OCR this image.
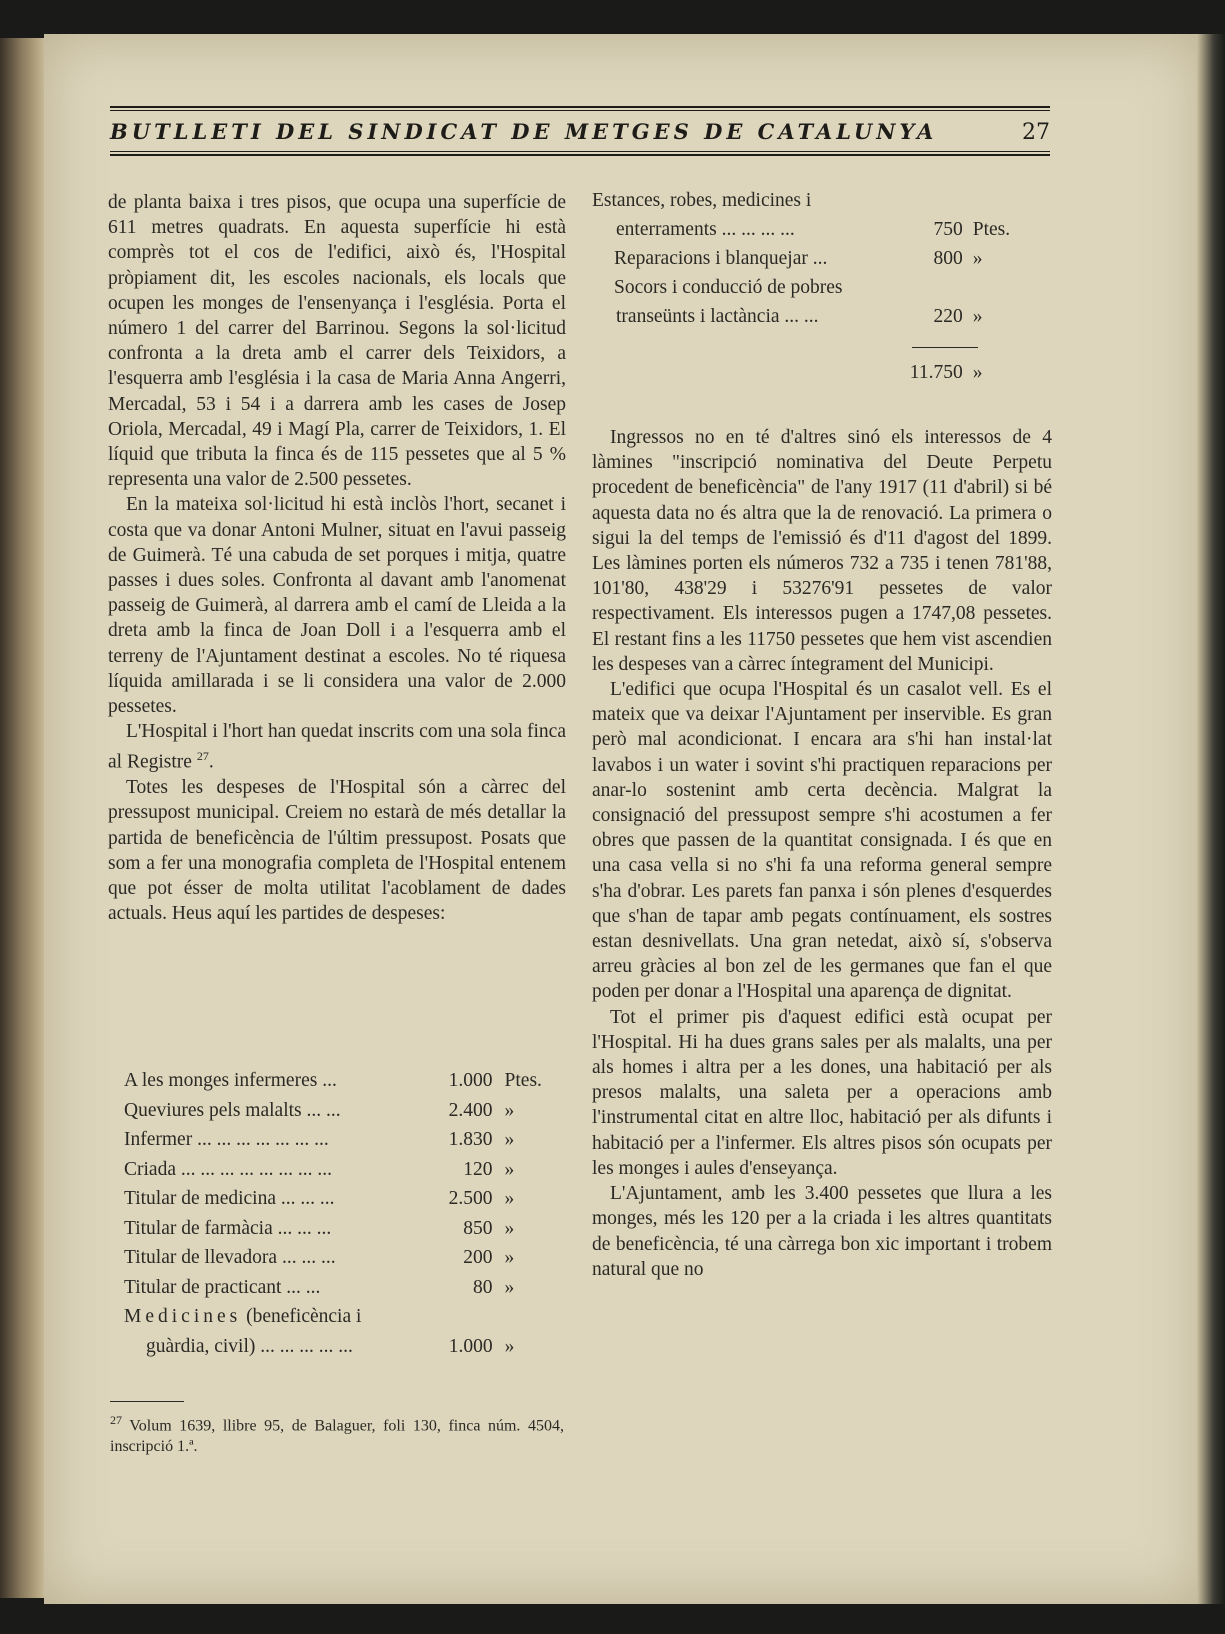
BUTLLETI DEL SINDICAT DE METGES DE CATALUNYA	27

de planta baixa i tres pisos, que ocupa una superfície de 611 metres quadrats. En aquesta superfície hi està comprès tot el cos de l'edifici, això és, l'Hospital pròpiament dit, les escoles nacionals, els locals que ocupen les monges de l'ensenyança i l'església. Porta el número 1 del carrer del Barrinou. Segons la sol·licitud confronta a la dreta amb el carrer dels Teixidors, a l'esquerra amb l'església i la casa de Maria Anna Angerri, Mercadal, 53 i 54 i a darrera amb les cases de Josep Oriola, Mercadal, 49 i Magí Pla, carrer de Teixidors, 1. El líquid que tributa la finca és de 115 pessetes que al 5 % representa una valor de 2.500 pessetes.

En la mateixa sol·licitud hi està inclòs l'hort, secanet i costa que va donar Antoni Mulner, situat en l'avui passeig de Guimerà. Té una cabuda de set porques i mitja, quatre passes i dues soles. Confronta al davant amb l'anomenat passeig de Guimerà, al darrera amb el camí de Lleida a la dreta amb la finca de Joan Doll i a l'esquerra amb el terreny de l'Ajuntament destinat a escoles. No té riquesa líquida amillarada i se li considera una valor de 2.000 pessetes.

L'Hospital i l'hort han quedat inscrits com una sola finca al Registre $^{27}$.

Totes les despeses de l'Hospital són a càrrec del pressupost municipal. Creiem no estarà de més detallar la partida de beneficència de l'últim pressupost. Posats que som a fer una monografia completa de l'Hospital entenem que pot ésser de molta utilitat l'acoblament de dades actuals. Heus aquí les partides de despeses:

A les monges infermeres ...	1.000 Ptes.
Queviures pels malalts ... ...	2.400 »
Infermer ... ... ... ... ... ... ...	1.830 »
Criada ... ... ... ... ... ... ... ...	120 »
Titular de medicina ... ... ...	2.500 »
Titular de farmàcia ... ... ...	850 »
Titular de llevadora ... ... ...	200 »
Titular de practicant ... ...	80 »
Medicines (beneficència i
guàrdia, civil) ... ... ... ... ...	1.000 »
$^{27}$ Volum 1639, llibre 95, de Balaguer, foli 130, finca núm. 4504, inscripció 1.ª.
Estances, robes, medicines i
enterraments ... ... ... ...	750 Ptes.
Reparacions i blanquejar ...	800 »
Socors i conducció de pobres
transeünts i lactància ... ...	220 »
11.750 »

Ingressos no en té d'altres sinó els interessos de 4 làmines "inscripció nominativa del Deute Perpetu procedent de beneficència" de l'any 1917 (11 d'abril) si bé aquesta data no és altra que la de renovació. La primera o sigui la del temps de l'emissió és d'11 d'agost del 1899. Les làmines porten els números 732 a 735 i tenen 781'88, 101'80, 438'29 i 53276'91 pessetes de valor respectivament. Els interessos pugen a 1747,08 pessetes. El restant fins a les 11750 pessetes que hem vist ascendien les despeses van a càrrec íntegrament del Municipi.

L'edifici que ocupa l'Hospital és un casalot vell. Es el mateix que va deixar l'Ajuntament per inservible. Es gran però mal acondicionat. I encara ara s'hi han instal·lat lavabos i un water i sovint s'hi practiquen reparacions per anar-lo sostenint amb certa decència. Malgrat la consignació del pressupost sempre s'hi acostumen a fer obres que passen de la quantitat consignada. I és que en una casa vella si no s'hi fa una reforma general sempre s'ha d'obrar. Les parets fan panxa i són plenes d'esquerdes que s'han de tapar amb pegats contínuament, els sostres estan desnivellats. Una gran netedat, això sí, s'observa arreu gràcies al bon zel de les germanes que fan el que poden per donar a l'Hospital una aparença de dignitat.

Tot el primer pis d'aquest edifici està ocupat per l'Hospital. Hi ha dues grans sales per als malalts, una per als homes i altra per a les dones, una habitació per als presos malalts, una saleta per a operacions amb l'instrumental citat en altre lloc, habitació per als difunts i habitació per a l'infermer. Els altres pisos són ocupats per les monges i aules d'enseyança.

L'Ajuntament, amb les 3.400 pessetes que llura a les monges, més les 120 per a la criada i les altres quantitats de beneficència, té una càrrega bon xic important i trobem natural que no
